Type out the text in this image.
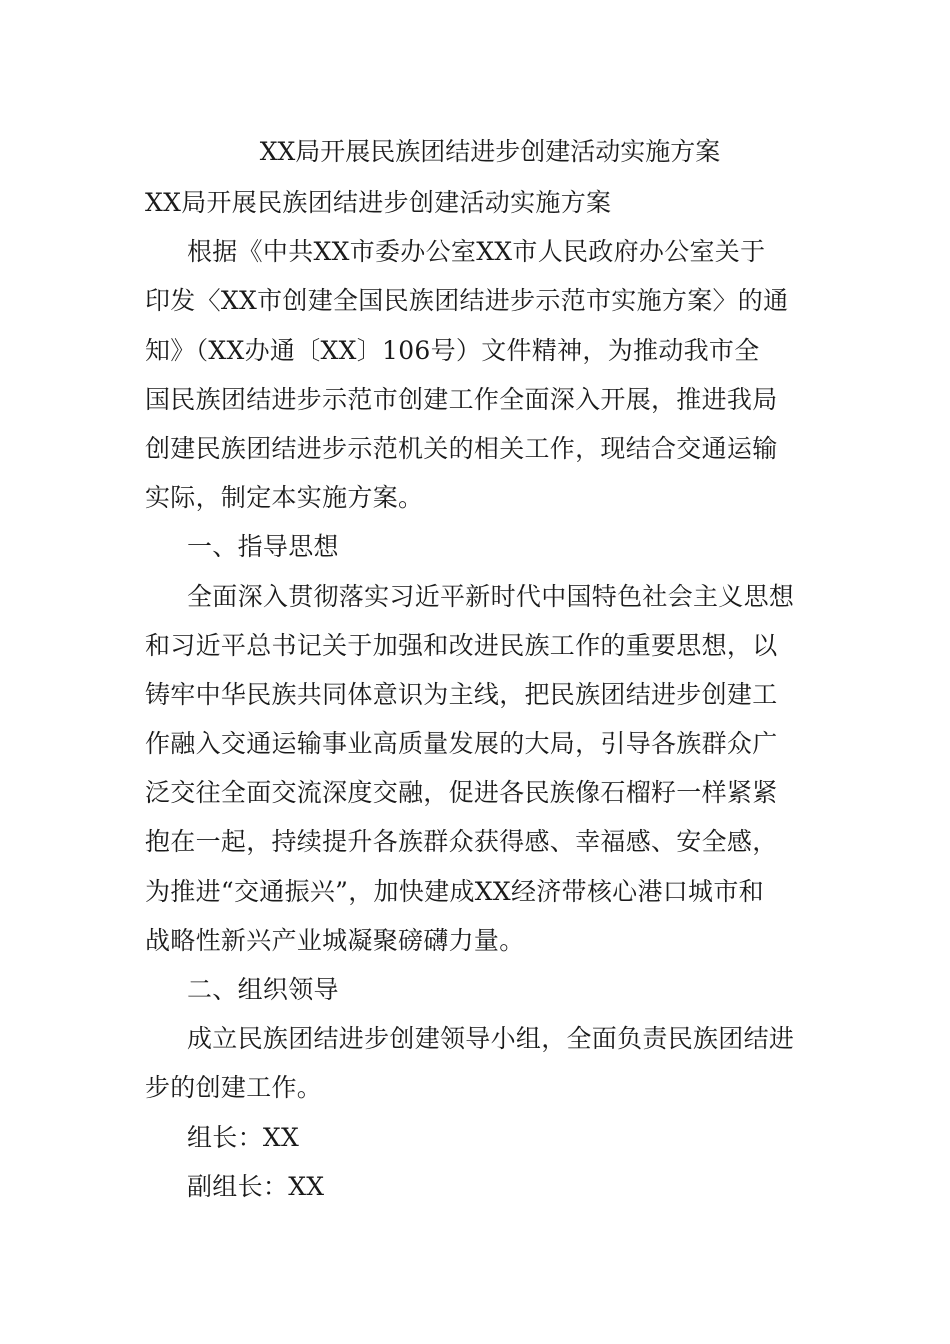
XX局开展民族团结进步创建活动实施方案

XX局开展民族团结进步创建活动实施方案

根据《中共XX市委办公室XX市人民政府办公室关于

印发〈XX市创建全国民族团结进步示范市实施方案〉的通

知》（XX办通〔XX〕106号）文件精神，为推动我市全

国民族团结进步示范市创建工作全面深入开展，推进我局

创建民族团结进步示范机关的相关工作，现结合交通运输

实际，制定本实施方案。

一、指导思想

全面深入贯彻落实习近平新时代中国特色社会主义思想

和习近平总书记关于加强和改进民族工作的重要思想，以

铸牢中华民族共同体意识为主线，把民族团结进步创建工

作融入交通运输事业高质量发展的大局，引导各族群众广

泛交往全面交流深度交融，促进各民族像石榴籽一样紧紧

抱在一起，持续提升各族群众获得感、幸福感、安全感，

为推进“交通振兴”，加快建成XX经济带核心港口城市和

战略性新兴产业城凝聚磅礴力量。

二、组织领导

成立民族团结进步创建领导小组，全面负责民族团结进

步的创建工作。

组长：XX

副组长：XX
